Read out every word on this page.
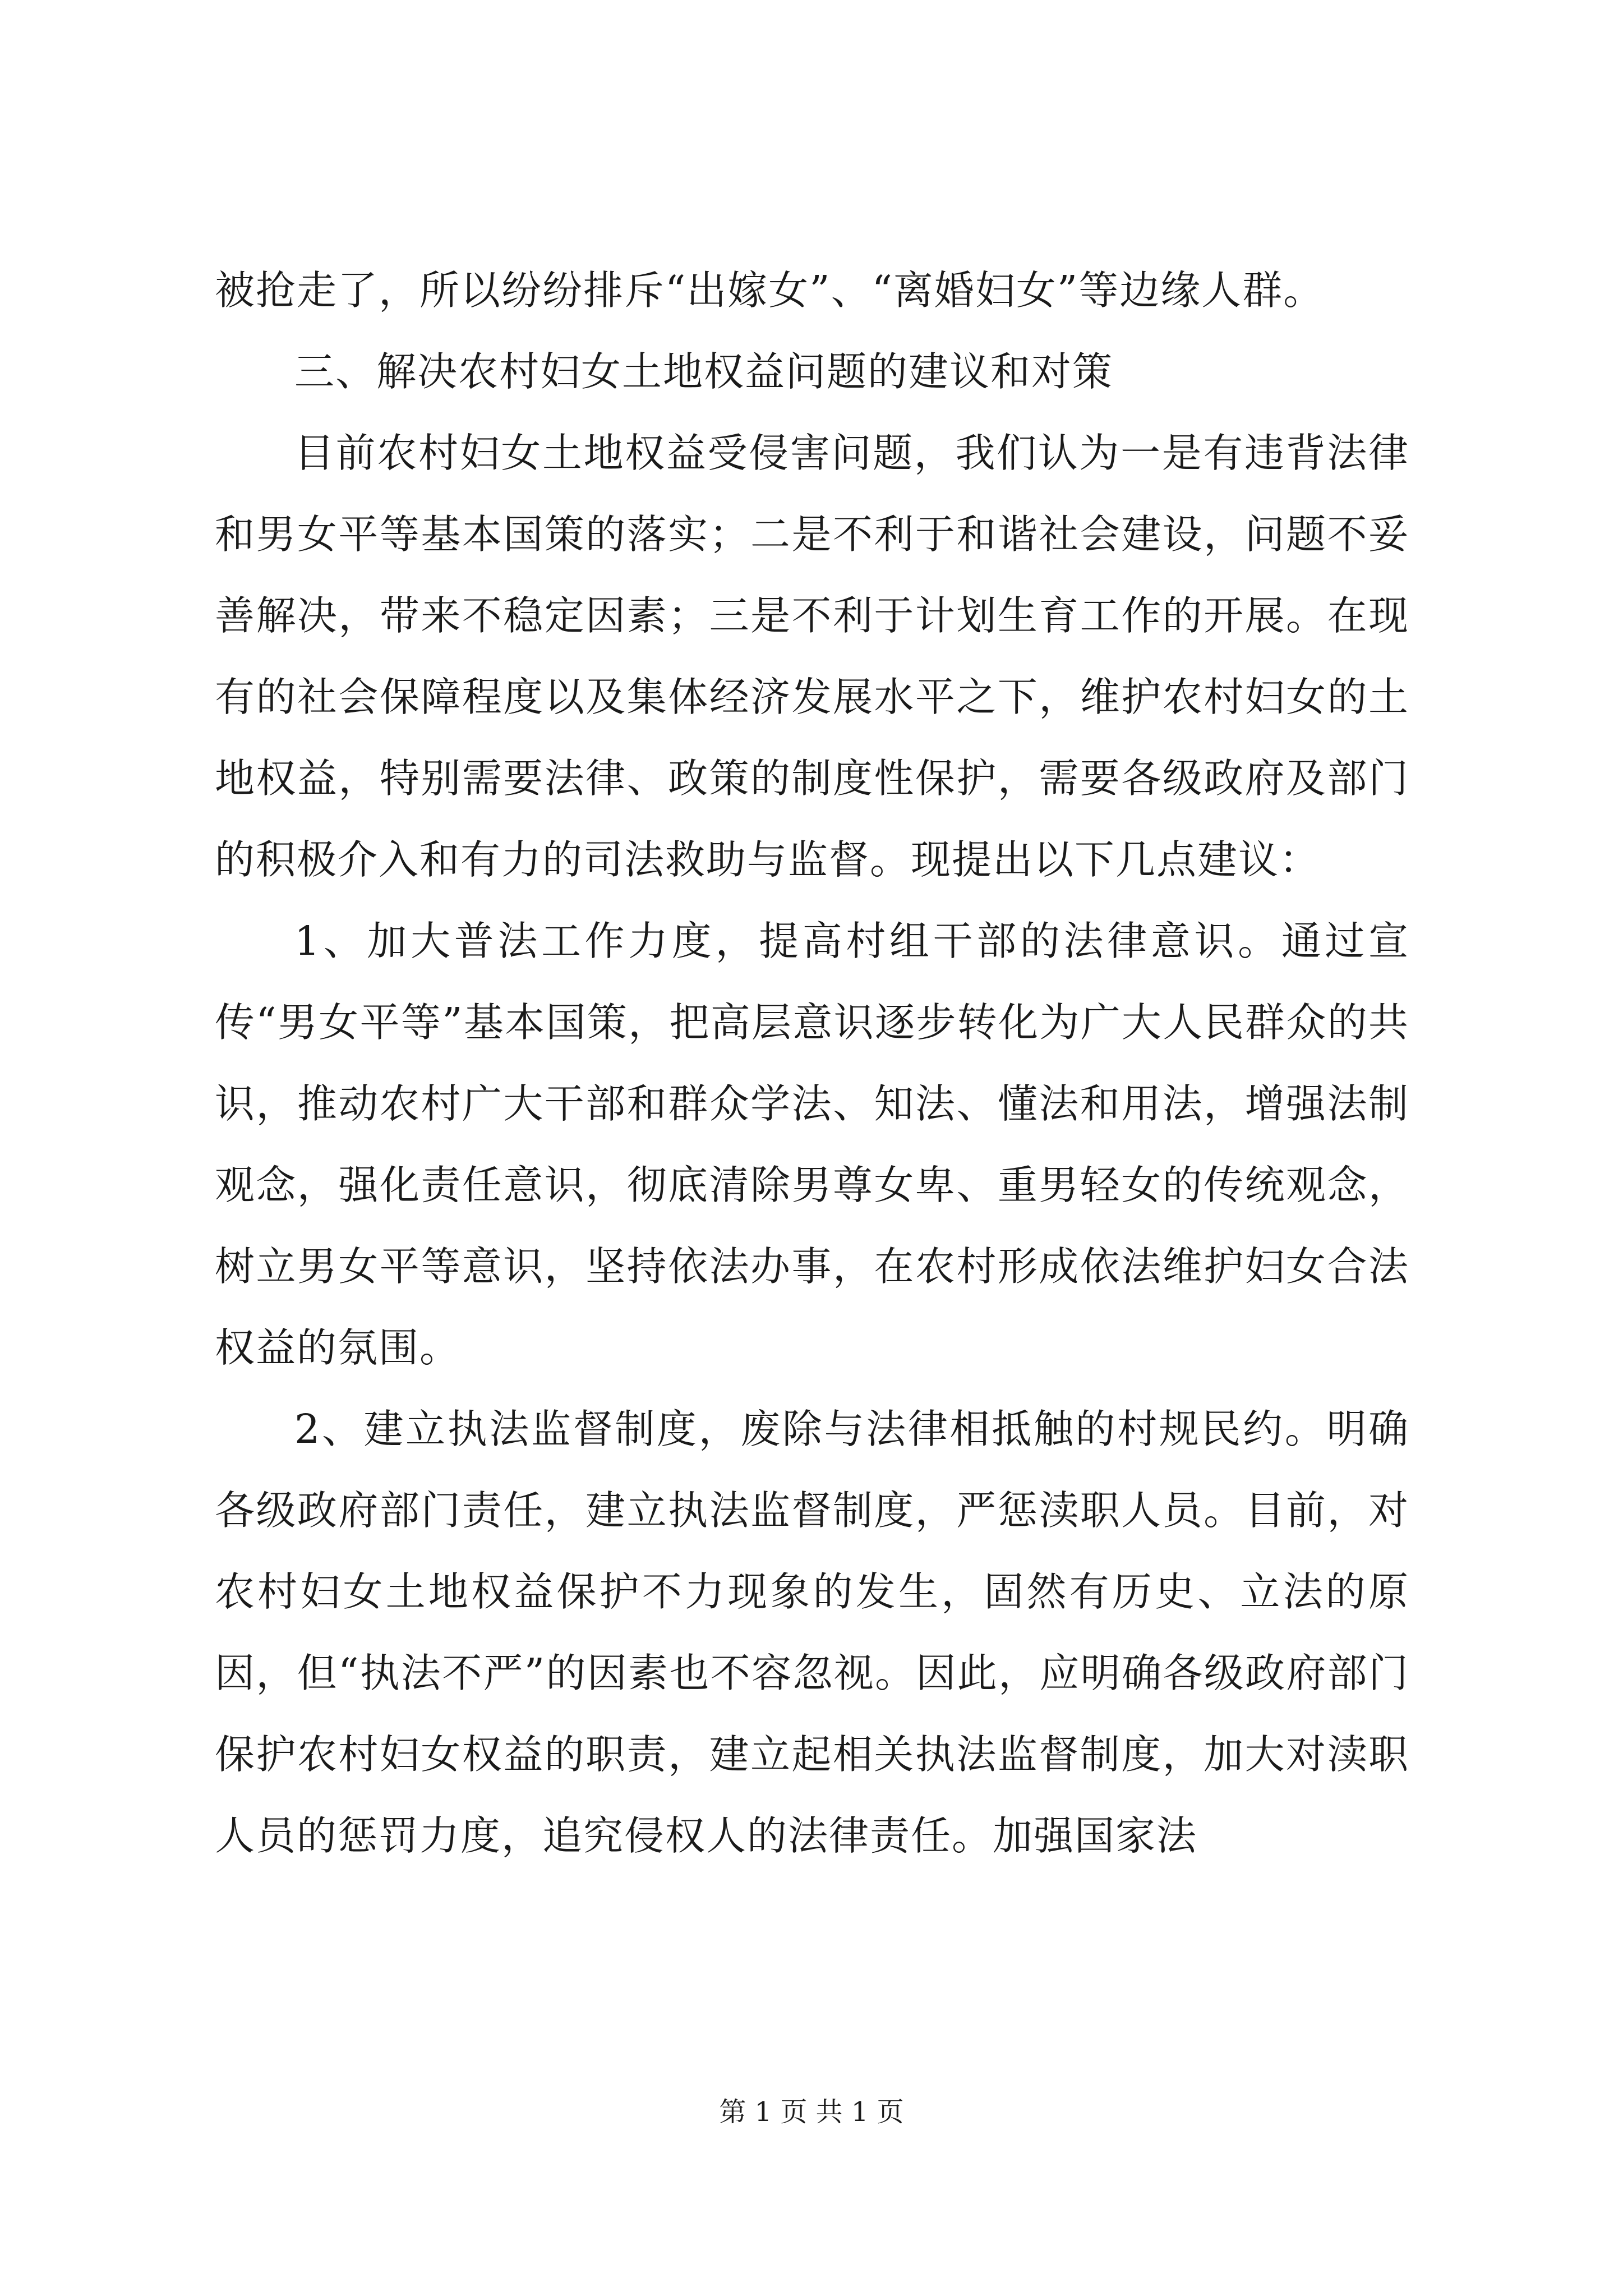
被抢走了，所以纷纷排斥“出嫁女”、“离婚妇女”等边缘人群。

三、解决农村妇女土地权益问题的建议和对策

目前农村妇女土地权益受侵害问题，我们认为一是有违背法律和男女平等基本国策的落实；二是不利于和谐社会建设，问题不妥善解决，带来不稳定因素；三是不利于计划生育工作的开展。在现有的社会保障程度以及集体经济发展水平之下，维护农村妇女的土地权益，特别需要法律、政策的制度性保护，需要各级政府及部门的积极介入和有力的司法救助与监督。现提出以下几点建议：

1、加大普法工作力度，提高村组干部的法律意识。通过宣传“男女平等”基本国策，把高层意识逐步转化为广大人民群众的共识，推动农村广大干部和群众学法、知法、懂法和用法，增强法制观念，强化责任意识，彻底清除男尊女卑、重男轻女的传统观念，树立男女平等意识，坚持依法办事，在农村形成依法维护妇女合法权益的氛围。

2、建立执法监督制度，废除与法律相抵触的村规民约。明确各级政府部门责任，建立执法监督制度，严惩渎职人员。目前，对农村妇女土地权益保护不力现象的发生，固然有历史、立法的原因，但“执法不严”的因素也不容忽视。因此，应明确各级政府部门保护农村妇女权益的职责，建立起相关执法监督制度，加大对渎职人员的惩罚力度，追究侵权人的法律责任。加强国家法

第 1 页 共 1 页
